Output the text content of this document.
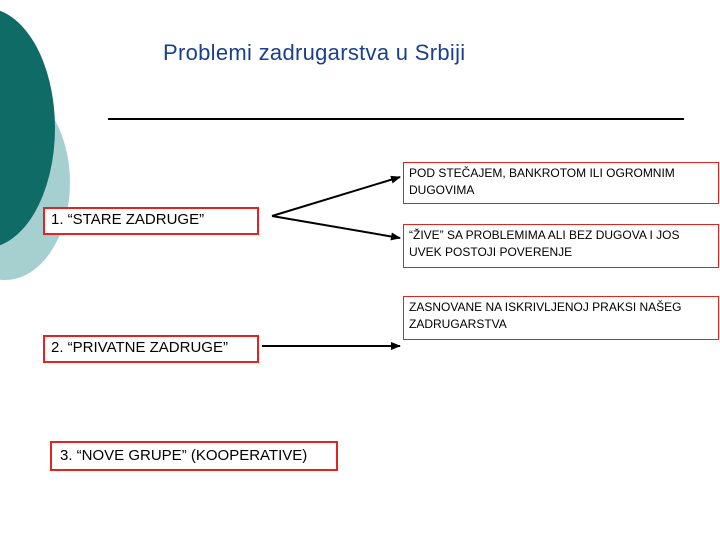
Problemi zadrugarstva u Srbiji
1. “STARE ZADRUGE”
2. “PRIVATNE ZADRUGE”
3. “NOVE GRUPE” (KOOPERATIVE)
POD STEČAJEM, BANKROTOM ILI OGROMNIM DUGOVIMA
“ŽIVE” SA PROBLEMIMA ALI BEZ DUGOVA I JOS UVEK POSTOJI POVERENJE
ZASNOVANE NA ISKRIVLJENOJ PRAKSI NAŠEG ZADRUGARSTVA
